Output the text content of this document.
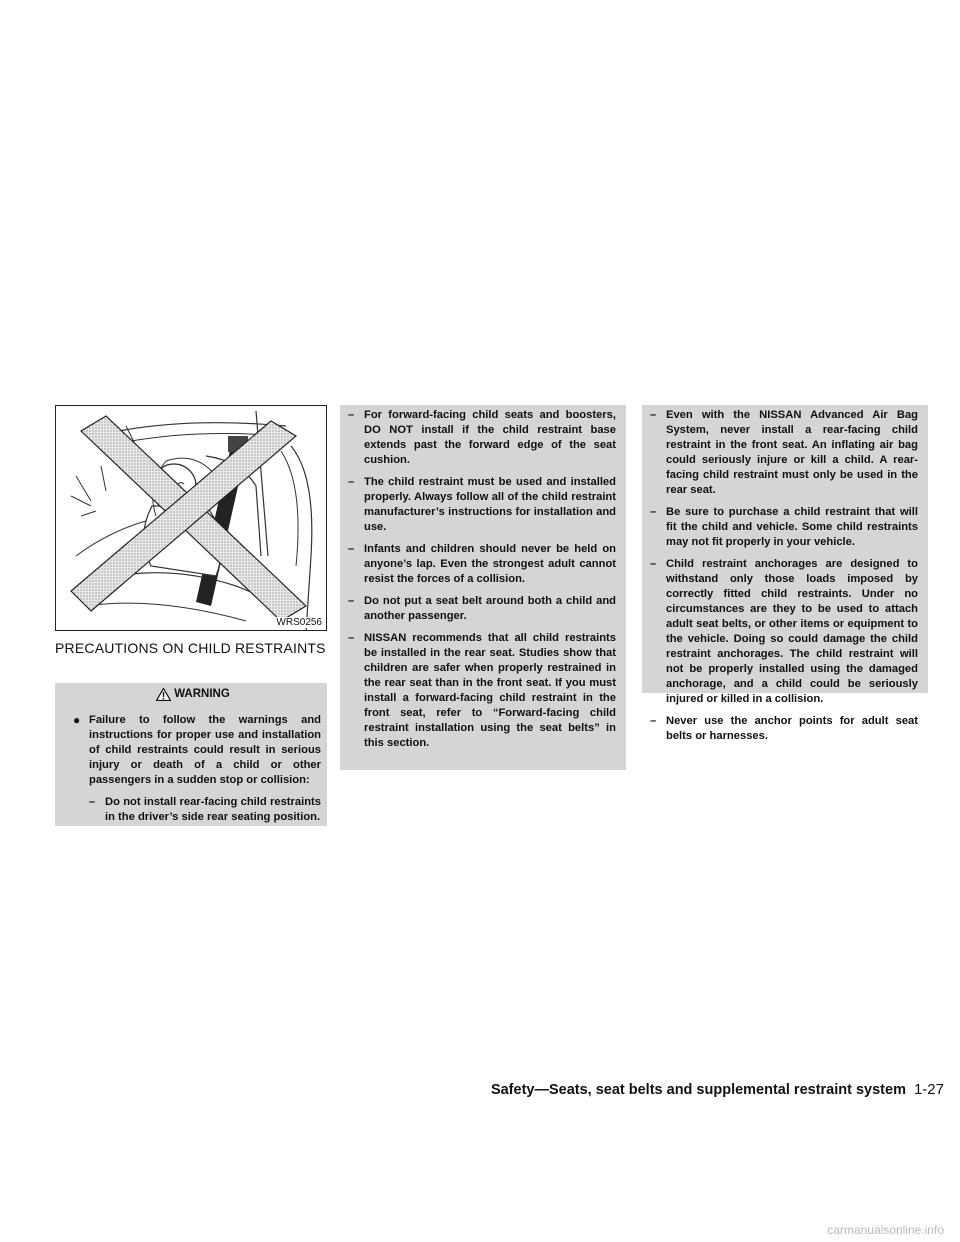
WRS0256
PRECAUTIONS ON CHILD RESTRAINTS
WARNING
● Failure to follow the warnings and instructions for proper use and installation of child restraints could result in serious injury or death of a child or other passengers in a sudden stop or collision:
– Do not install rear-facing child restraints in the driver’s side rear seating position.
– For forward-facing child seats and boosters, DO NOT install if the child restraint base extends past the forward edge of the seat cushion.
– The child restraint must be used and installed properly. Always follow all of the child restraint manufacturer’s instructions for installation and use.
– Infants and children should never be held on anyone’s lap. Even the strongest adult cannot resist the forces of a collision.
– Do not put a seat belt around both a child and another passenger.
– NISSAN recommends that all child restraints be installed in the rear seat. Studies show that children are safer when properly restrained in the rear seat than in the front seat. If you must install a forward-facing child restraint in the front seat, refer to “Forward-facing child restraint installation using the seat belts” in this section.
– Even with the NISSAN Advanced Air Bag System, never install a rear-facing child restraint in the front seat. An inflating air bag could seriously injure or kill a child. A rear-facing child restraint must only be used in the rear seat.
– Be sure to purchase a child restraint that will fit the child and vehicle. Some child restraints may not fit properly in your vehicle.
– Child restraint anchorages are designed to withstand only those loads imposed by correctly fitted child restraints. Under no circumstances are they to be used to attach adult seat belts, or other items or equipment to the vehicle. Doing so could damage the child restraint anchorages. The child restraint will not be properly installed using the damaged anchorage, and a child could be seriously injured or killed in a collision.
– Never use the anchor points for adult seat belts or harnesses.
Safety—Seats, seat belts and supplemental restraint system 1-27
carmanualsonline.info
